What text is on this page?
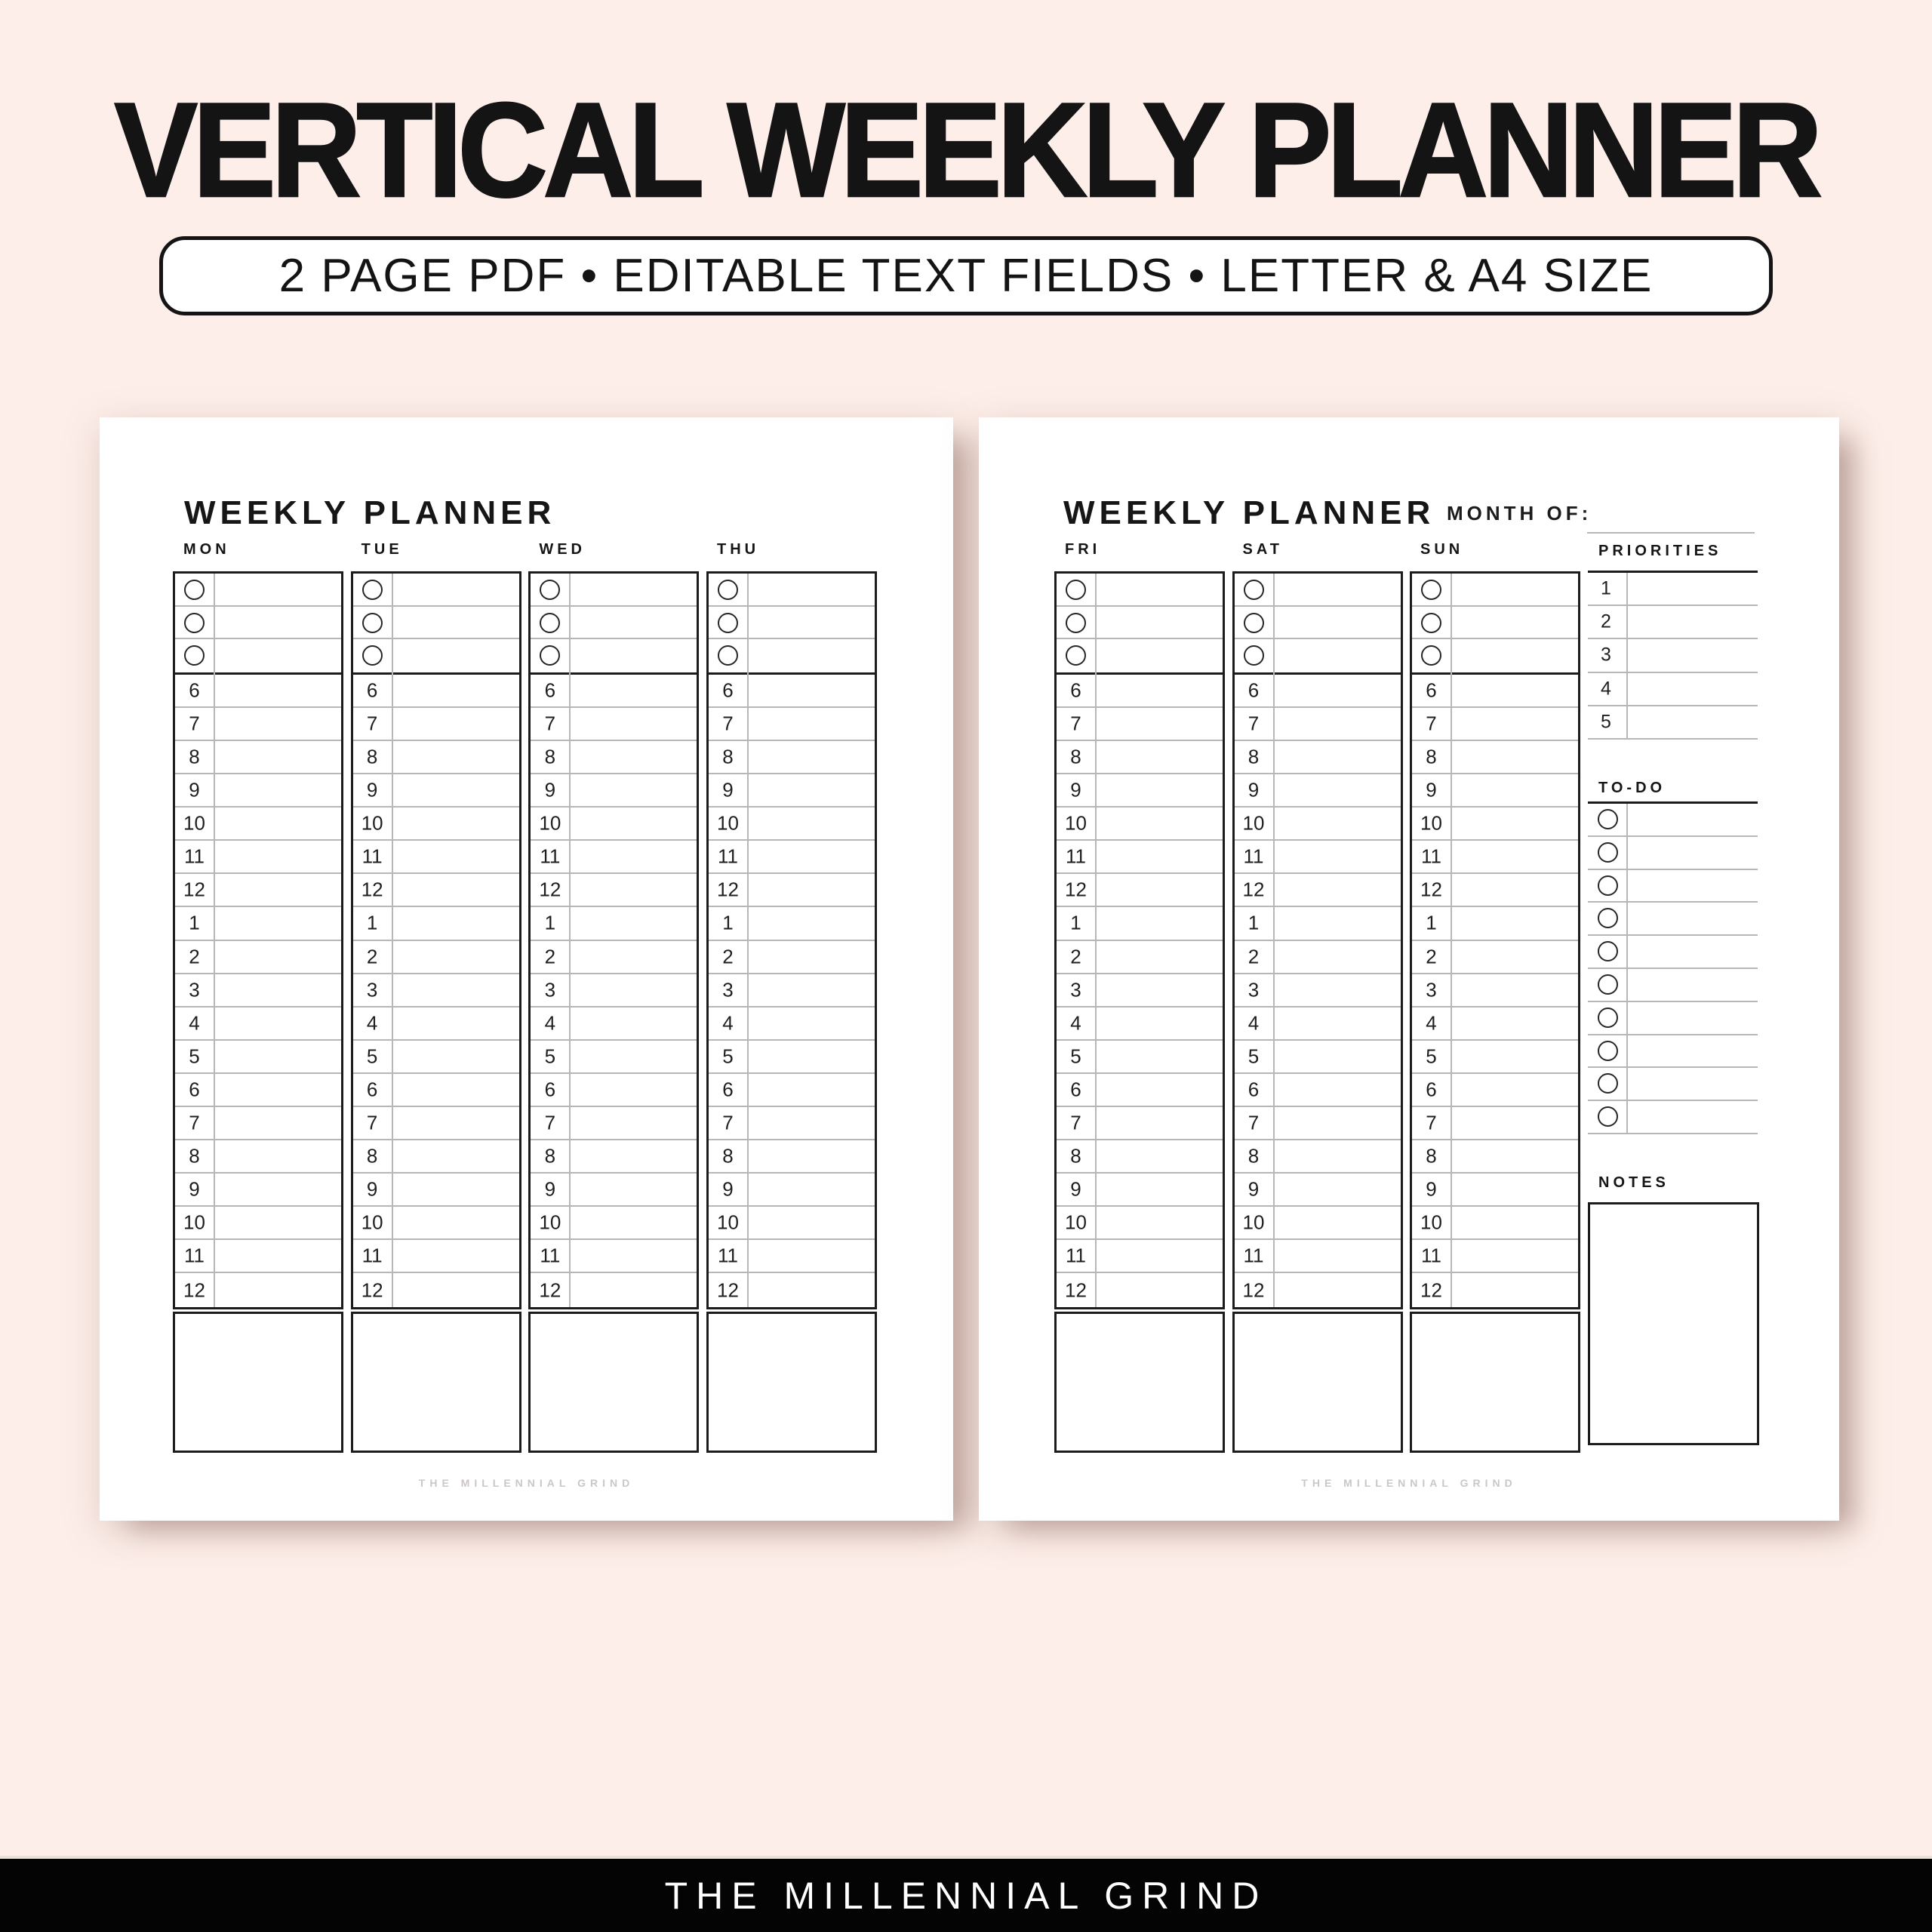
VERTICAL WEEKLY PLANNER
2 PAGE PDF • EDITABLE TEXT FIELDS • LETTER & A4 SIZE
WEEKLY PLANNER
MON
6
7
8
9
10
11
12
1
2
3
4
5
6
7
8
9
10
11
12
TUE
6
7
8
9
10
11
12
1
2
3
4
5
6
7
8
9
10
11
12
WED
6
7
8
9
10
11
12
1
2
3
4
5
6
7
8
9
10
11
12
THU
6
7
8
9
10
11
12
1
2
3
4
5
6
7
8
9
10
11
12
THE MILLENNIAL GRIND
WEEKLY PLANNER MONTH OF:
FRI
6
7
8
9
10
11
12
1
2
3
4
5
6
7
8
9
10
11
12
SAT
6
7
8
9
10
11
12
1
2
3
4
5
6
7
8
9
10
11
12
SUN
6
7
8
9
10
11
12
1
2
3
4
5
6
7
8
9
10
11
12
PRIORITIES
1
2
3
4
5
TO-DO
NOTES
THE MILLENNIAL GRIND
THE MILLENNIAL GRIND
